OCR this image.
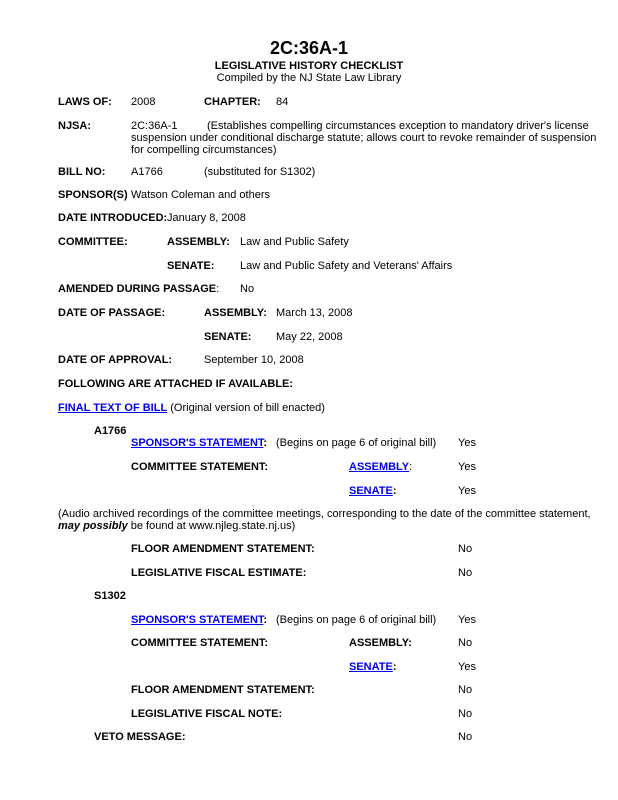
2C:36A-1
LEGISLATIVE HISTORY CHECKLIST
Compiled by the NJ State Law Library
LAWS OF: 2008	CHAPTER: 84
NJSA:	2C:36A-1	(Establishes compelling circumstances exception to mandatory driver's license suspension under conditional discharge statute; allows court to revoke remainder of suspension for compelling circumstances)
BILL NO: A1766	(substituted for S1302)
SPONSOR(S) Watson Coleman and others
DATE INTRODUCED: January 8, 2008
COMMITTEE:	ASSEMBLY: Law and Public Safety
SENATE: Law and Public Safety and Veterans' Affairs
AMENDED DURING PASSAGE: No
DATE OF PASSAGE:	ASSEMBLY: March 13, 2008
SENATE: May 22, 2008
DATE OF APPROVAL:	September 10, 2008
FOLLOWING ARE ATTACHED IF AVAILABLE:
FINAL TEXT OF BILL (Original version of bill enacted)
A1766
SPONSOR'S STATEMENT: (Begins on page 6 of original bill) Yes
COMMITTEE STATEMENT:	ASSEMBLY:	Yes
SENATE:	Yes
(Audio archived recordings of the committee meetings, corresponding to the date of the committee statement, may possibly be found at www.njleg.state.nj.us)
FLOOR AMENDMENT STATEMENT:	No
LEGISLATIVE FISCAL ESTIMATE:	No
S1302
SPONSOR'S STATEMENT: (Begins on page 6 of original bill) Yes
COMMITTEE STATEMENT:	ASSEMBLY:	No
SENATE:	Yes
FLOOR AMENDMENT STATEMENT:	No
LEGISLATIVE FISCAL NOTE:	No
VETO MESSAGE:	No
